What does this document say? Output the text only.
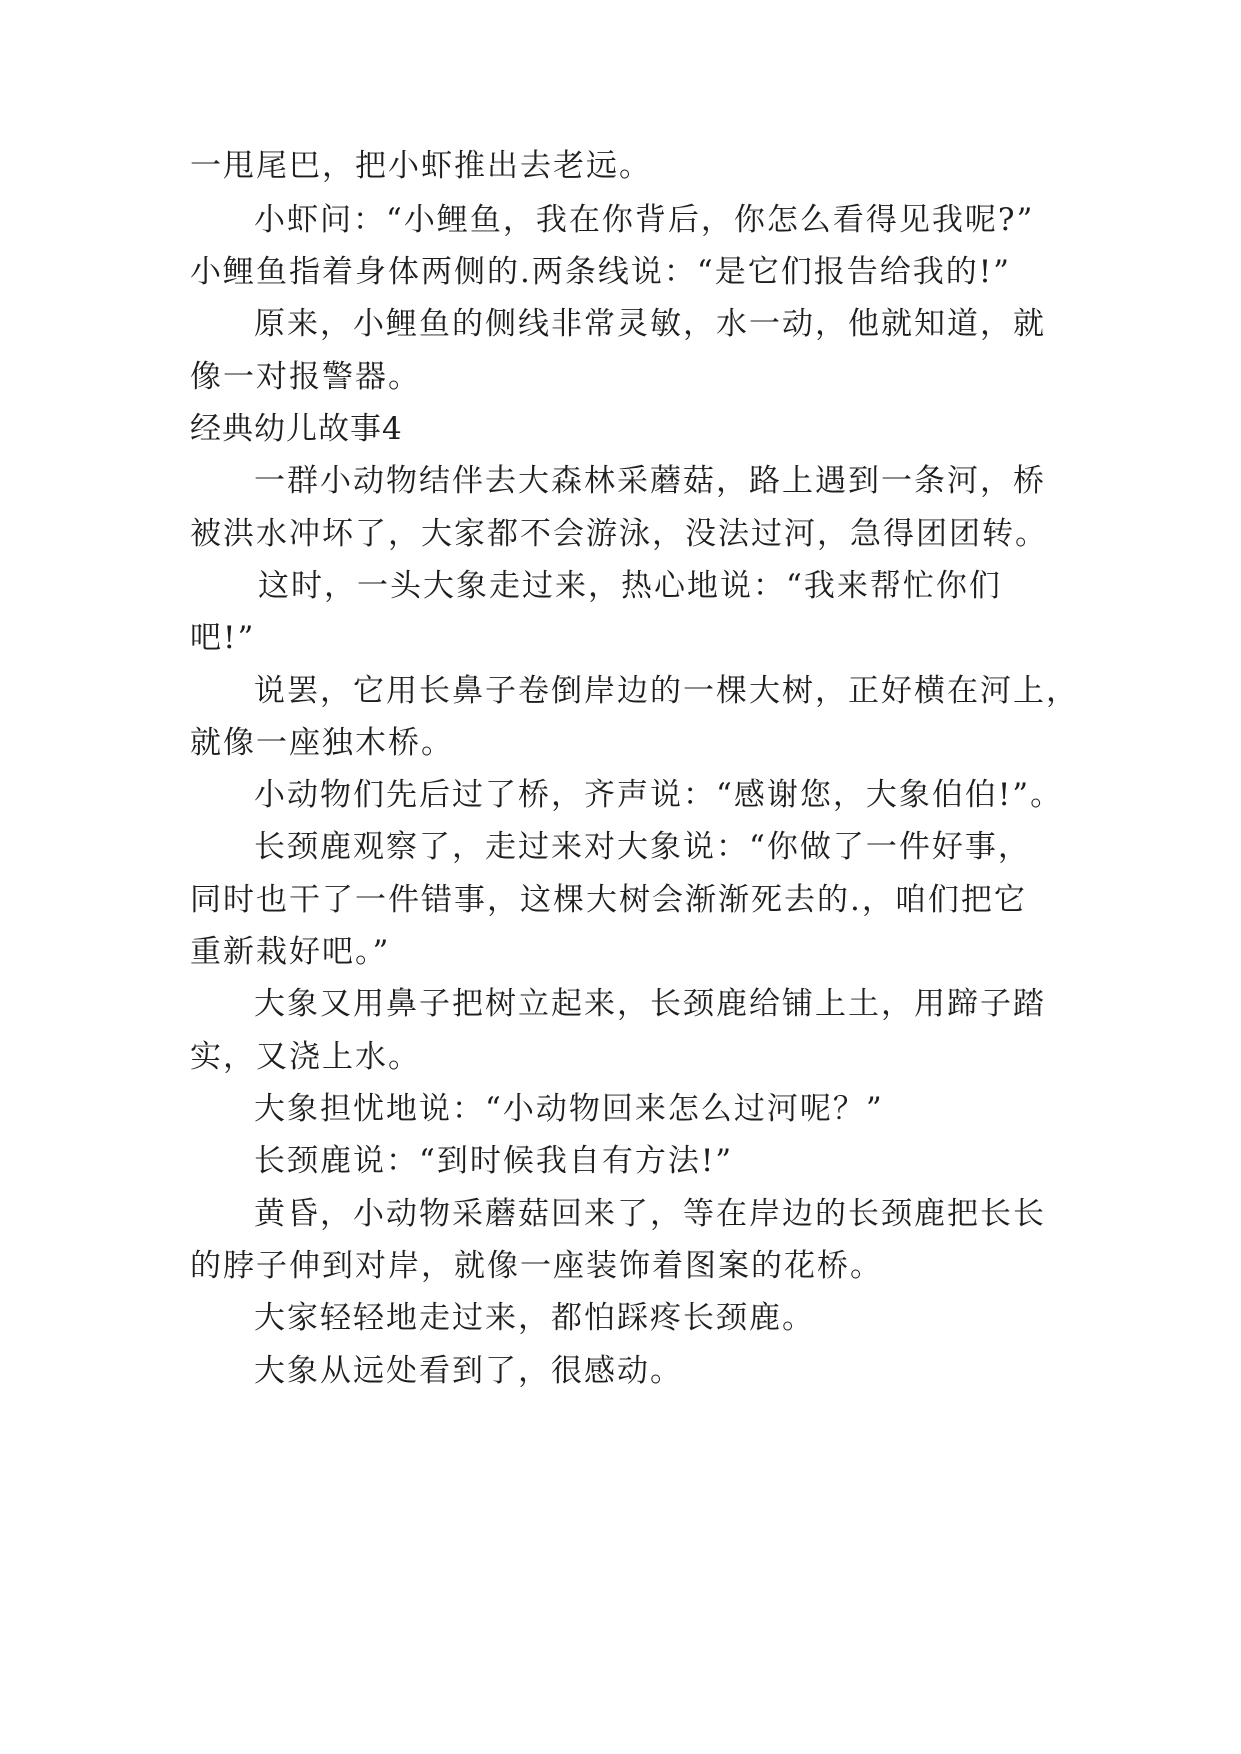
一甩尾巴，把小虾推出去老远。

小虾问：“小鲤鱼，我在你背后，你怎么看得见我呢?”

小鲤鱼指着身体两侧的.两条线说：“是它们报告给我的!”

原来，小鲤鱼的侧线非常灵敏，水一动，他就知道，就

像一对报警器。

经典幼儿故事4

一群小动物结伴去大森林采蘑菇，路上遇到一条河，桥

被洪水冲坏了，大家都不会游泳，没法过河，急得团团转。

这时，一头大象走过来，热心地说：“我来帮忙你们

吧!”

说罢，它用长鼻子卷倒岸边的一棵大树，正好横在河上，

就像一座独木桥。

小动物们先后过了桥，齐声说：“感谢您，大象伯伯!”。

长颈鹿观察了，走过来对大象说：“你做了一件好事，

同时也干了一件错事，这棵大树会渐渐死去的.，咱们把它

重新栽好吧。”

大象又用鼻子把树立起来，长颈鹿给铺上土，用蹄子踏

实，又浇上水。

大象担忧地说：“小动物回来怎么过河呢？”

长颈鹿说：“到时候我自有方法!”

黄昏，小动物采蘑菇回来了，等在岸边的长颈鹿把长长

的脖子伸到对岸，就像一座装饰着图案的花桥。

大家轻轻地走过来，都怕踩疼长颈鹿。

大象从远处看到了，很感动。
